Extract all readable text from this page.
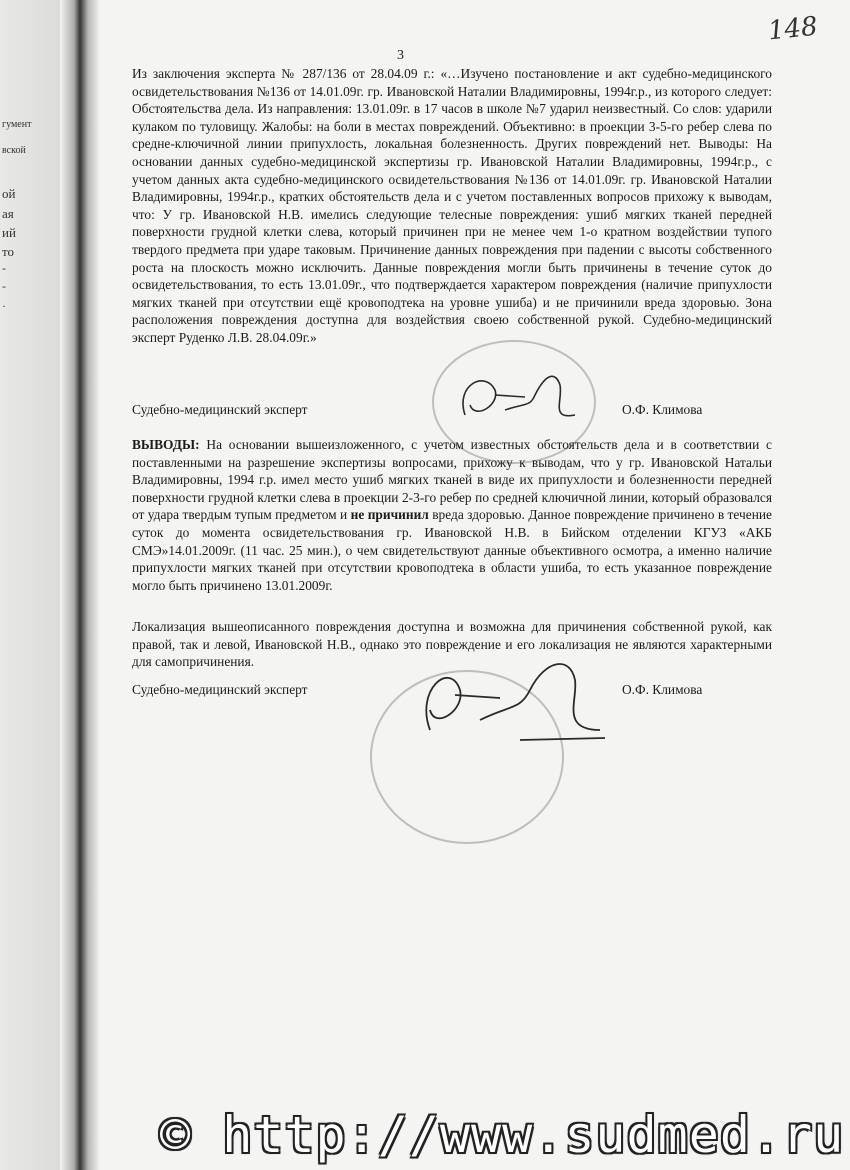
гумент
вской
ой
ая
ий
то
-
-
·
148
3
Из заключения эксперта № 287/136 от 28.04.09 г.: «…Изучено постановление и акт судебно-медицинского освидетельствования №136 от 14.01.09г. гр. Ивановской Наталии Владимировны, 1994г.р., из которого следует: Обстоятельства дела. Из направления: 13.01.09г. в 17 часов в школе №7 ударил неизвестный. Со слов: ударили кулаком по туловищу. Жалобы: на боли в местах повреждений. Объективно: в проекции 3-5-го ребер слева по средне-ключичной линии припухлость, локальная болезненность. Других повреждений нет. Выводы: На основании данных судебно-медицинской экспертизы гр. Ивановской Наталии Владимировны, 1994г.р., с учетом данных акта судебно-медицинского освидетельствования №136 от 14.01.09г. гр. Ивановской Наталии Владимировны, 1994г.р., кратких обстоятельств дела и с учетом поставленных вопросов прихожу к выводам, что: У гр. Ивановской Н.В. имелись следующие телесные повреждения: ушиб мягких тканей передней поверхности грудной клетки слева, который причинен при не менее чем 1-о кратном воздействии тупого твердого предмета при ударе таковым. Причинение данных повреждения при падении с высоты собственного роста на плоскость можно исключить. Данные повреждения могли быть причинены в течение суток до освидетельствования, то есть 13.01.09г., что подтверждается характером повреждения (наличие припухлости мягких тканей при отсутствии ещё кровоподтека на уровне ушиба) и не причинили вреда здоровью. Зона расположения повреждения доступна для воздействия своею собственной рукой. Судебно-медицинский эксперт Руденко Л.В. 28.04.09г.»
Судебно-медицинский эксперт	О.Ф. Климова
ВЫВОДЫ: На основании вышеизложенного, с учетом известных обстоятельств дела и в соответствии с поставленными на разрешение экспертизы вопросами, прихожу к выводам, что у гр. Ивановской Натальи Владимировны, 1994 г.р. имел место ушиб мягких тканей в виде их припухлости и болезненности передней поверхности грудной клетки слева в проекции 2-3-го ребер по средней ключичной линии, который образовался от удара твердым тупым предметом и не причинил вреда здоровью. Данное повреждение причинено в течение суток до момента освидетельствования гр. Ивановской Н.В. в Бийском отделении КГУЗ «АКБ СМЭ»14.01.2009г. (11 час. 25 мин.), о чем свидетельствуют данные объективного осмотра, а именно наличие припухлости мягких тканей при отсутствии кровоподтека в области ушиба, то есть указанное повреждение могло быть причинено 13.01.2009г.
Локализация вышеописанного повреждения доступна и возможна для причинения собственной рукой, как правой, так и левой, Ивановской Н.В., однако это повреждение и его локализация не являются характерными для самопричинения.
Судебно-медицинский эксперт	О.Ф. Климова
© http://www.sudmed.ru
